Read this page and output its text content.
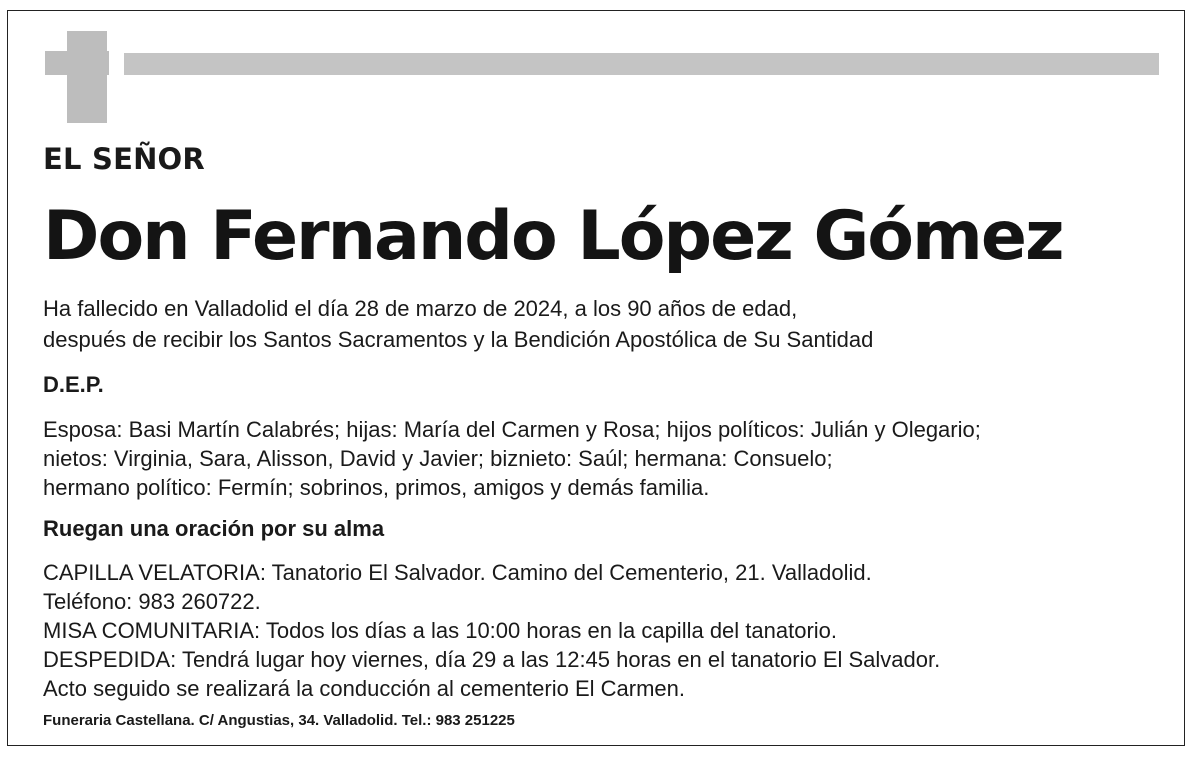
EL SEÑOR
Don Fernando López Gómez
Ha fallecido en Valladolid el día 28 de marzo de 2024, a los 90 años de edad,
después de recibir los Santos Sacramentos y la Bendición Apostólica de Su Santidad
D.E.P.
Esposa: Basi Martín Calabrés; hijas: María del Carmen y Rosa; hijos políticos: Julián y Olegario;
nietos: Virginia, Sara, Alisson, David y Javier; biznieto: Saúl; hermana: Consuelo;
hermano político: Fermín; sobrinos, primos, amigos y demás familia.
Ruegan una oración por su alma
CAPILLA VELATORIA: Tanatorio El Salvador. Camino del Cementerio, 21. Valladolid.
Teléfono: 983 260722.
MISA COMUNITARIA: Todos los días a las 10:00 horas en la capilla del tanatorio.
DESPEDIDA: Tendrá lugar hoy viernes, día 29 a las 12:45 horas en el tanatorio El Salvador.
Acto seguido se realizará la conducción al cementerio El Carmen.
Funeraria Castellana. C/ Angustias, 34. Valladolid. Tel.: 983 251225
